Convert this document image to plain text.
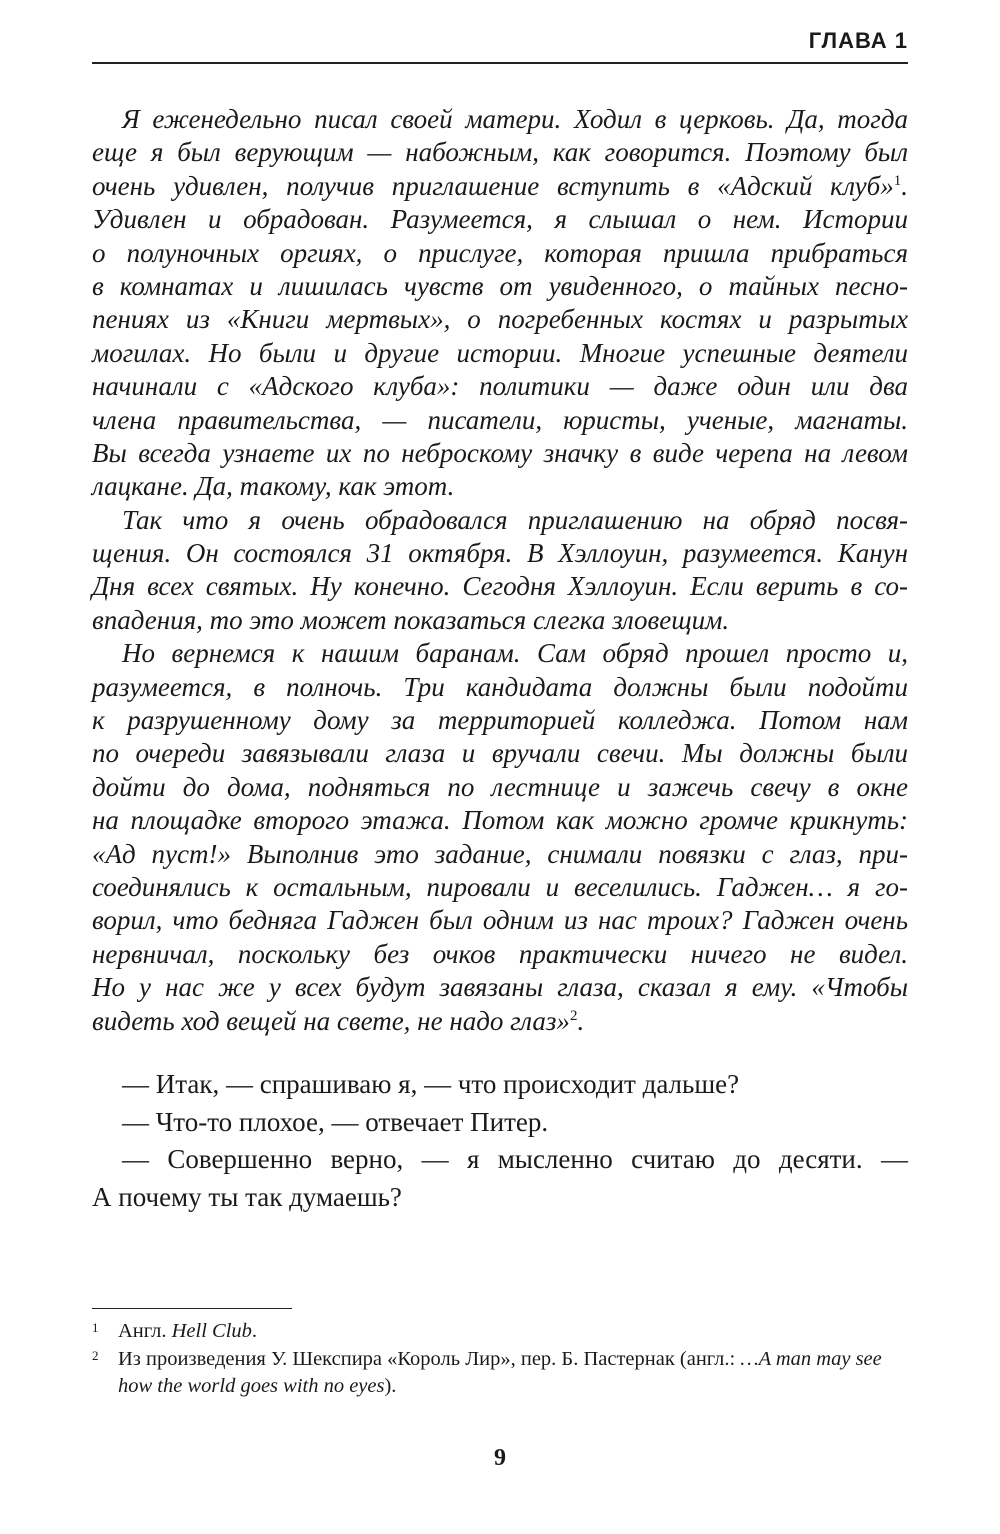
ГЛАВА 1
Я еженедельно писал своей матери. Ходил в церковь. Да, тогда
еще я был верующим — набожным, как говорится. Поэтому был
очень удивлен, получив приглашение вступить в «Адский клуб»$^1$.
Удивлен и обрадован. Разумеется, я слышал о нем. Истории
о полуночных оргиях, о прислуге, которая пришла прибраться
в комнатах и лишилась чувств от увиденного, о тайных песно-
пениях из «Книги мертвых», о погребенных костях и разрытых
могилах. Но были и другие истории. Многие успешные деятели
начинали с «Адского клуба»: политики — даже один или два
члена правительства, — писатели, юристы, ученые, магнаты.
Вы всегда узнаете их по неброскому значку в виде черепа на левом
лацкане. Да, такому, как этот.
Так что я очень обрадовался приглашению на обряд посвя-
щения. Он состоялся 31 октября. В Хэллоуин, разумеется. Канун
Дня всех святых. Ну конечно. Сегодня Хэллоуин. Если верить в со-
впадения, то это может показаться слегка зловещим.
Но вернемся к нашим баранам. Сам обряд прошел просто и,
разумеется, в полночь. Три кандидата должны были подойти
к разрушенному дому за территорией колледжа. Потом нам
по очереди завязывали глаза и вручали свечи. Мы должны были
дойти до дома, подняться по лестнице и зажечь свечу в окне
на площадке второго этажа. Потом как можно громче крикнуть:
«Ад пуст!» Выполнив это задание, снимали повязки с глаз, при-
соединялись к остальным, пировали и веселились. Гаджен… я го-
ворил, что бедняга Гаджен был одним из нас троих? Гаджен очень
нервничал, поскольку без очков практически ничего не видел.
Но у нас же у всех будут завязаны глаза, сказал я ему. «Чтобы
видеть ход вещей на свете, не надо глаз»$^2$.
— Итак, — спрашиваю я, — что происходит дальше?
— Что-то плохое, — отвечает Питер.
— Совершенно верно, — я мысленно считаю до десяти. —
А почему ты так думаешь?
1 Англ. Hell Club.
2 Из произведения У. Шекспира «Король Лир», пер. Б. Пастернак (англ.: …A man may see how the world goes with no eyes).
9
